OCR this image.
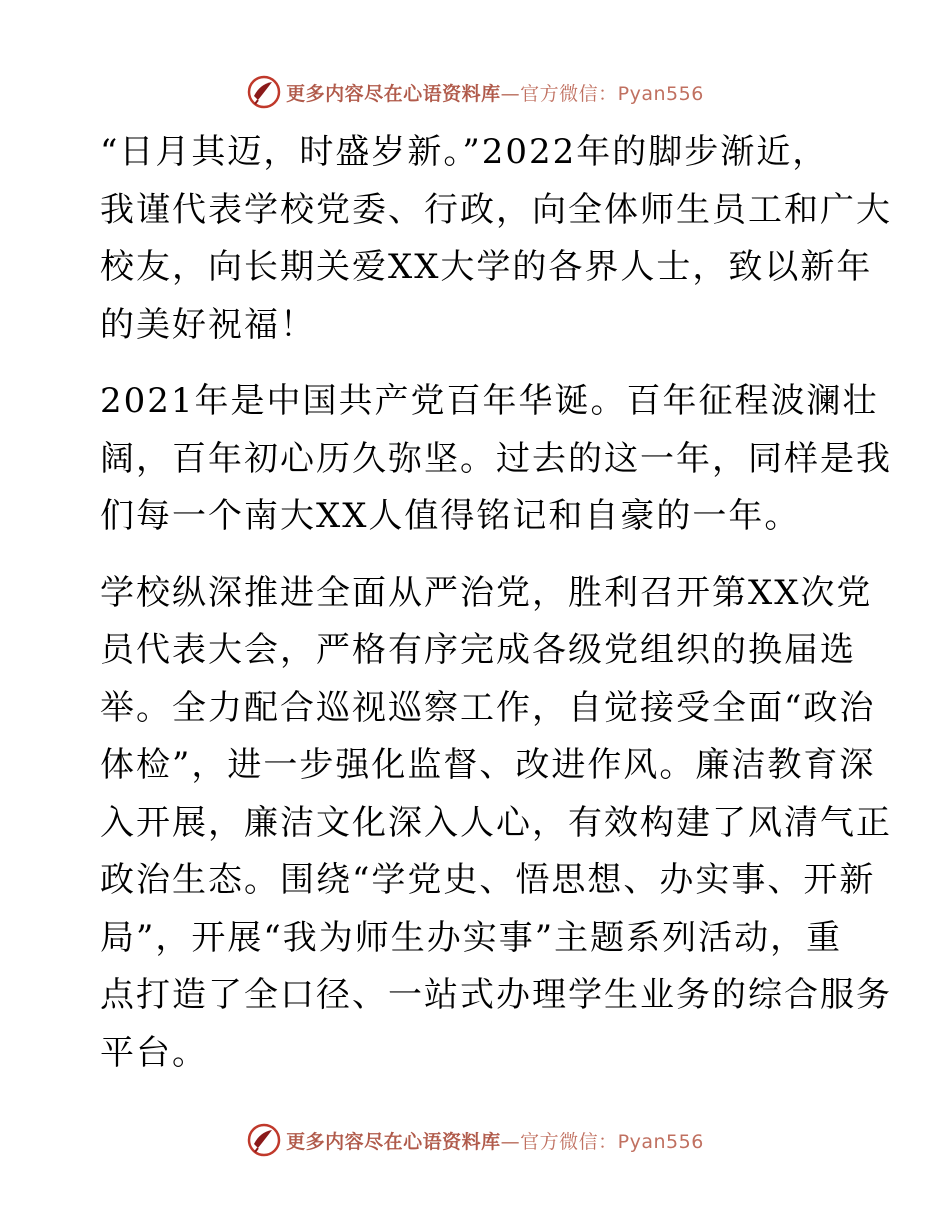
更多内容尽在心语资料库—官方微信：Pyan556

“日月其迈，时盛岁新。”2022年的脚步渐近，
我谨代表学校党委、行政，向全体师生员工和广大
校友，向长期关爱XX大学的各界人士，致以新年
的美好祝福！

2021年是中国共产党百年华诞。百年征程波澜壮
阔，百年初心历久弥坚。过去的这一年，同样是我
们每一个南大XX人值得铭记和自豪的一年。

学校纵深推进全面从严治党，胜利召开第XX次党
员代表大会，严格有序完成各级党组织的换届选
举。全力配合巡视巡察工作，自觉接受全面“政治
体检”，进一步强化监督、改进作风。廉洁教育深
入开展，廉洁文化深入人心，有效构建了风清气正
政治生态。围绕“学党史、悟思想、办实事、开新
局”，开展“我为师生办实事”主题系列活动，重
点打造了全口径、一站式办理学生业务的综合服务
平台。

更多内容尽在心语资料库—官方微信：Pyan556
